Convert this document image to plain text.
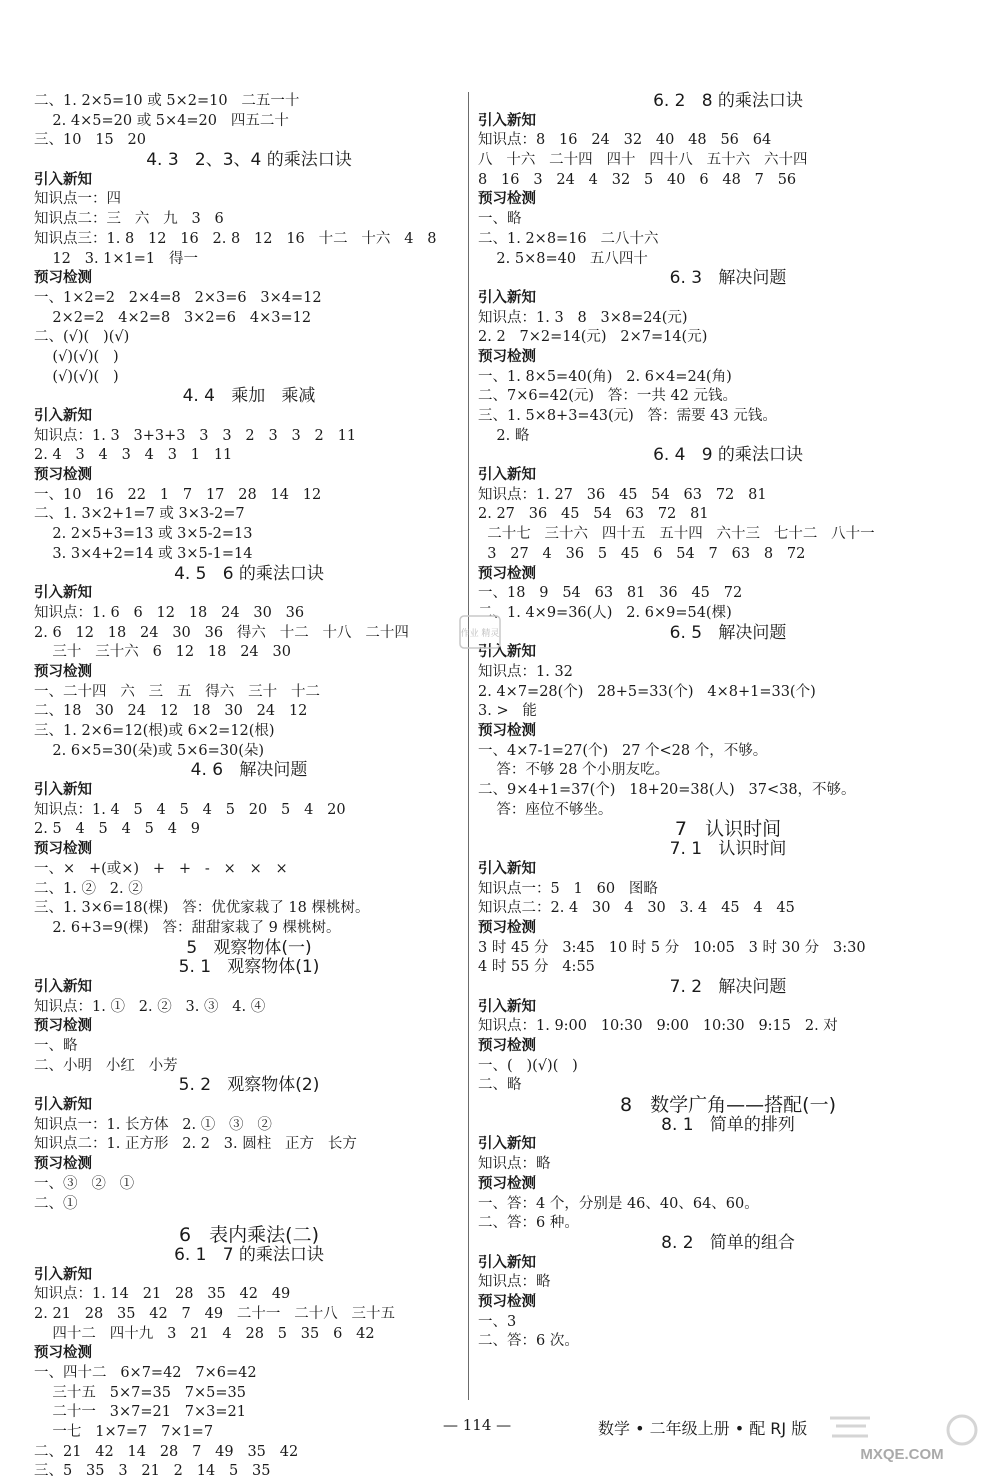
二、1. 2×5=10 或 5×2=10   二五一十
2. 4×5=20 或 5×4=20   四五二十
三、10   15   20
4. 3   2、3、4 的乘法口诀
引入新知
知识点一：四
知识点二：三   六   九   3   6
知识点三：1. 8   12   16   2. 8   12   16   十二   十六   4   8
12   3. 1×1=1   得一
预习检测
一、1×2=2   2×4=8   2×3=6   3×4=12
2×2=2   4×2=8   3×2=6   4×3=12
二、(√)(   )(√)
(√)(√)(   )
(√)(√)(   )
4. 4   乘加   乘减
引入新知
知识点：1. 3   3+3+3   3   3   2   3   3   2   11
2. 4   3   4   3   4   3   1   11
预习检测
一、10   16   22   1   7   17   28   14   12
二、1. 3×2+1=7 或 3×3-2=7
2. 2×5+3=13 或 3×5-2=13
3. 3×4+2=14 或 3×5-1=14
4. 5   6 的乘法口诀
引入新知
知识点：1. 6   6   12   18   24   30   36
2. 6   12   18   24   30   36   得六   十二   十八   二十四
三十   三十六   6   12   18   24   30
预习检测
一、二十四   六   三   五   得六   三十   十二
二、18   30   24   12   18   30   24   12
三、1. 2×6=12(根)或 6×2=12(根)
2. 6×5=30(朵)或 5×6=30(朵)
4. 6   解决问题
引入新知
知识点：1. 4   5   4   5   4   5   20   5   4   20
2. 5   4   5   4   5   4   9
预习检测
一、×   +(或×)   +   +   -   ×   ×   ×
二、1. ②   2. ②
三、1. 3×6=18(棵)   答：优优家栽了 18 棵桃树。
2. 6+3=9(棵)   答：甜甜家栽了 9 棵桃树。
5   观察物体(一)
5. 1   观察物体(1)
引入新知
知识点：1. ①   2. ②   3. ③   4. ④
预习检测
一、略
二、小明   小红   小芳
5. 2   观察物体(2)
引入新知
知识点一：1. 长方体   2. ①   ③   ②
知识点二：1. 正方形   2. 2   3. 圆柱   正方   长方
预习检测
一、③   ②   ①
二、①
6   表内乘法(二)
6. 1   7 的乘法口诀
引入新知
知识点：1. 14   21   28   35   42   49
2. 21   28   35   42   7   49   二十一   二十八   三十五
四十二   四十九   3   21   4   28   5   35   6   42
预习检测
一、四十二   6×7=42   7×6=42
三十五   5×7=35   7×5=35
二十一   3×7=21   7×3=21
一七   1×7=7   7×1=7
二、21   42   14   28   7   49   35   42
三、5   35   3   21   2   14   5   35
6. 2   8 的乘法口诀
引入新知
知识点：8   16   24   32   40   48   56   64
八   十六   二十四   四十   四十八   五十六   六十四
8   16   3   24   4   32   5   40   6   48   7   56
预习检测
一、略
二、1. 2×8=16   二八十六
2. 5×8=40   五八四十
6. 3   解决问题
引入新知
知识点：1. 3   8   3×8=24(元)
2. 2   7×2=14(元)   2×7=14(元)
预习检测
一、1. 8×5=40(角)   2. 6×4=24(角)
二、7×6=42(元)   答：一共 42 元钱。
三、1. 5×8+3=43(元)   答：需要 43 元钱。
2. 略
6. 4   9 的乘法口诀
引入新知
知识点：1. 27   36   45   54   63   72   81
2. 27   36   45   54   63   72   81
二十七   三十六   四十五   五十四   六十三   七十二   八十一
3   27   4   36   5   45   6   54   7   63   8   72
预习检测
一、18   9   54   63   81   36   45   72
二、1. 4×9=36(人)   2. 6×9=54(棵)
6. 5   解决问题
引入新知
知识点：1. 32
2. 4×7=28(个)   28+5=33(个)   4×8+1=33(个)
3. >   能
预习检测
一、4×7-1=27(个)   27 个<28 个，不够。
答：不够 28 个小朋友吃。
二、9×4+1=37(个)   18+20=38(人)   37<38，不够。
答：座位不够坐。
7   认识时间
7. 1   认识时间
引入新知
知识点一：5   1   60   图略
知识点二：2. 4   30   4   30   3. 4   45   4   45
预习检测
3 时 45 分   3:45   10 时 5 分   10:05   3 时 30 分   3:30
4 时 55 分   4:55
7. 2   解决问题
引入新知
知识点：1. 9:00   10:30   9:00   10:30   9:15   2. 对
预习检测
一、(   )(√)(   )
二、略
8   数学广角——搭配(一)
8. 1   简单的排列
引入新知
知识点：略
预习检测
一、答：4 个，分别是 46、40、64、60。
二、答：6 种。
8. 2   简单的组合
引入新知
知识点：略
预习检测
一、3
二、答：6 次。
— 114 —	数学 • 二年级上册 • 配 RJ 版
MXQE.COM
作业 精灵
